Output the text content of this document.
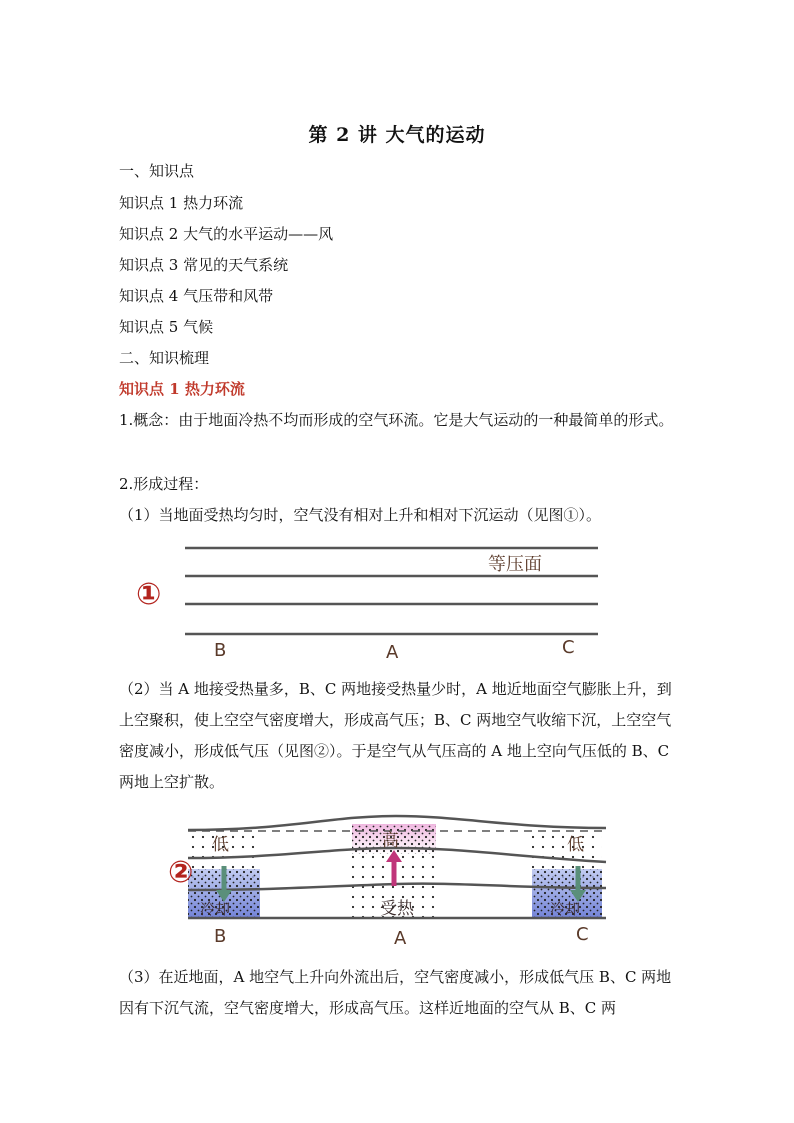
第 2 讲 大气的运动
一、知识点
知识点 1 热力环流
知识点 2 大气的水平运动——风
知识点 3 常见的天气系统
知识点 4 气压带和风带
知识点 5 气候
二、知识梳理
知识点 1 热力环流
1.概念：由于地面冷热不均而形成的空气环流。它是大气运动的一种最简单的形式。
2.形成过程：
（1）当地面受热均匀时，空气没有相对上升和相对下沉运动（见图①）。
①
等压面
B	A	C
（2）当 A 地接受热量多，B、C 两地接受热量少时，A 地近地面空气膨胀上升，到上空聚积，使上空空气密度增大，形成高气压；B、C 两地空气收缩下沉，上空空气密度减小，形成低气压（见图②）。于是空气从气压高的 A 地上空向气压低的 B、C 两地上空扩散。
②
低	高	低
冷却	受热	冷却
B	A	C
（3）在近地面，A 地空气上升向外流出后，空气密度减小，形成低气压 B、C 两地因有下沉气流，空气密度增大，形成高气压。这样近地面的空气从 B、C 两
